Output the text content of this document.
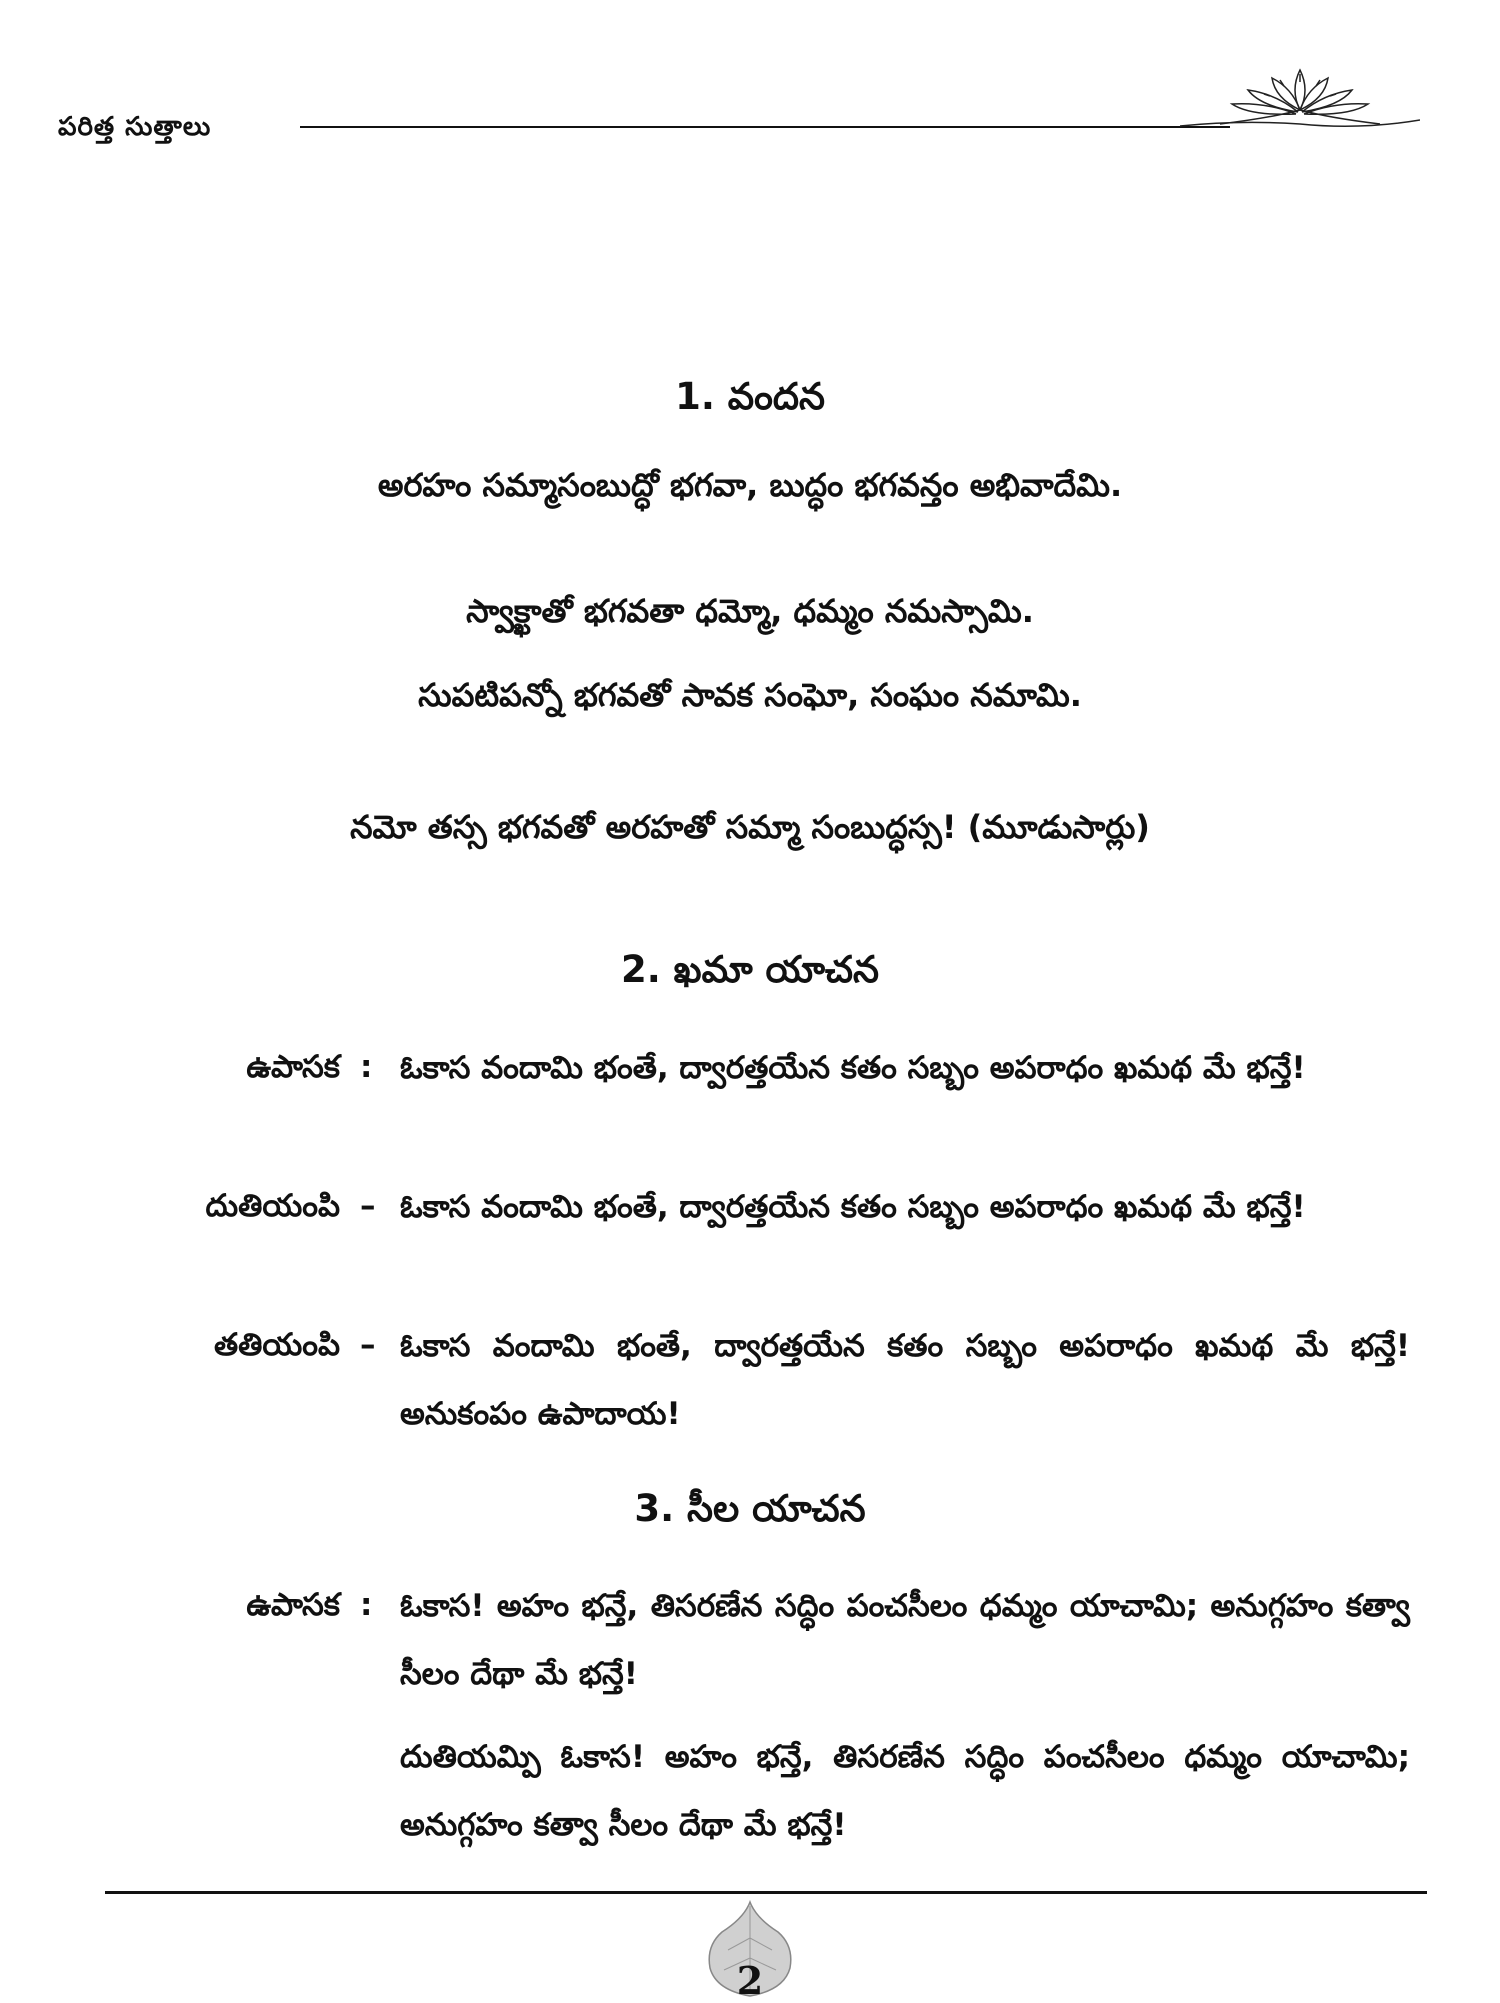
పరిత్త సుత్తాలు
1. వందన
అరహం సమ్మాసంబుద్ధో భగవా, బుద్ధం భగవన్తం అభివాదేమి.
స్వాక్ఖాతో భగవతా ధమ్మో, ధమ్మం నమస్సామి.
సుపటిపన్నో భగవతో సావక సంఘో, సంఘం నమామి.
నమో తస్స భగవతో అరహతో సమ్మా సంబుద్ధస్స! (మూడుసార్లు)
2. ఖమా యాచన
ఉపాసక : ఓకాస వందామి భంతే, ద్వారత్తయేన కతం సబ్బం అపరాధం ఖమథ మే భన్తే!
దుతియంపి – ఓకాస వందామి భంతే, ద్వారత్తయేన కతం సబ్బం అపరాధం ఖమథ మే భన్తే!
తతియంపి – ఓకాస వందామి భంతే, ద్వారత్తయేన కతం సబ్బం అపరాధం ఖమథ మే భన్తే! అనుకంపం ఉపాదాయ!
3. సీల యాచన
ఉపాసక : ఓకాస! అహం భన్తే, తిసరణేన సద్ధిం పంచసీలం ధమ్మం యాచామి; అనుగ్గహం కత్వా సీలం దేథా మే భన్తే!
దుతియమ్పి ఓకాస! అహం భన్తే, తిసరణేన సద్ధిం పంచసీలం ధమ్మం యాచామి; అనుగ్గహం కత్వా సీలం దేథా మే భన్తే!
2
